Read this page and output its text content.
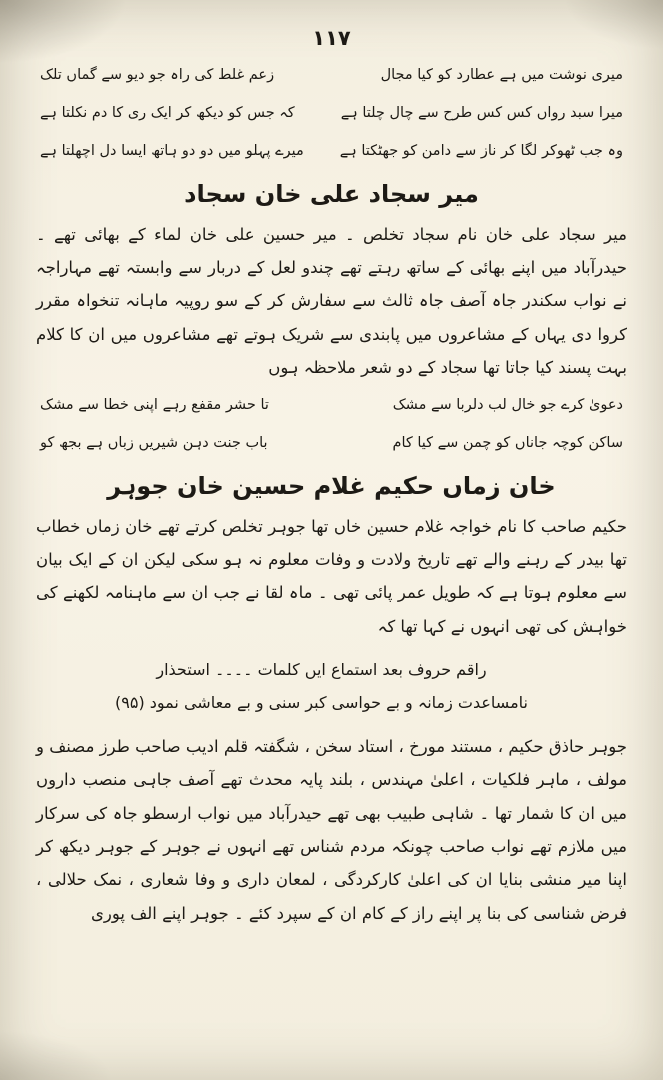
۱۱۷
میری نوشت میں ہے عطارد کو کیا مجال
زعم غلط کی راہ جو دیو سے گماں تلک
میرا سبد رواں کس کس طرح سے چال چلتا ہے
کہ جس کو دیکھ کر ایک ری کا دم نکلتا ہے
وہ جب ٹھوکر لگا کر ناز سے دامن کو جھٹکتا ہے
میرے پہلو میں دو دو ہاتھ ایسا دل اچھلتا ہے
میر سجاد علی خان سجاد

میر سجاد علی خان نام سجاد تخلص ۔ میر حسین علی خان لماء کے بھائی تھے ۔ حیدرآباد میں اپنے بھائی کے ساتھ رہتے تھے چندو لعل کے دربار سے وابستہ تھے مہاراجہ نے نواب سکندر جاہ آصف جاہ ثالث سے سفارش کر کے سو روپیہ ماہانہ تنخواہ مقرر کروا دی یہاں کے مشاعروں میں پابندی سے شریک ہوتے تھے مشاعروں میں ان کا کلام بہت پسند کیا جاتا تھا سجاد کے دو شعر ملاحظہ ہوں

دعویٰ کرے جو خال لب دلربا سے مشک
تا حشر مقفع رہے اپنی خطا سے مشک
ساکن کوچہ جاناں کو چمن سے کیا کام
باب جنت دہن شیریں زباں ہے بجھ کو
خان زماں حکیم غلام حسین خان جوہر

حکیم صاحب کا نام خواجہ غلام حسین خاں تھا جوہر تخلص کرتے تھے خان زماں خطاب تھا بیدر کے رہنے والے تھے تاریخ ولادت و وفات معلوم نہ ہو سکی لیکن ان کے ایک بیان سے معلوم ہوتا ہے کہ طویل عمر پائی تھی ۔ ماہ لقا نے جب ان سے ماہنامہ لکھنے کی خواہش کی تھی انہوں نے کہا تھا کہ

راقم حروف بعد استماع ایں کلمات ۔۔۔۔ استحذار
نامساعدت زمانہ و بے حواسی کبر سنی و بے معاشی نمود (۹۵)

جوہر حاذق حکیم ، مستند مورخ ، استاد سخن ، شگفتہ قلم ادیب صاحب طرز مصنف و مولف ، ماہر فلکیات ، اعلیٰ مہندس ، بلند پایہ محدث تھے آصف جاہی منصب داروں میں ان کا شمار تھا ۔ شاہی طبیب بھی تھے حیدرآباد میں نواب ارسطو جاہ کی سرکار میں ملازم تھے نواب صاحب چونکہ مردم شناس تھے انہوں نے جوہر کے جوہر دیکھ کر اپنا میر منشی بنایا ان کی اعلیٰ کارکردگی ، لمعان داری و وفا شعاری ، نمک حلالی ، فرض شناسی کی بنا پر اپنے راز کے کام ان کے سپرد کئے ۔ جوہر اپنے الف پوری
